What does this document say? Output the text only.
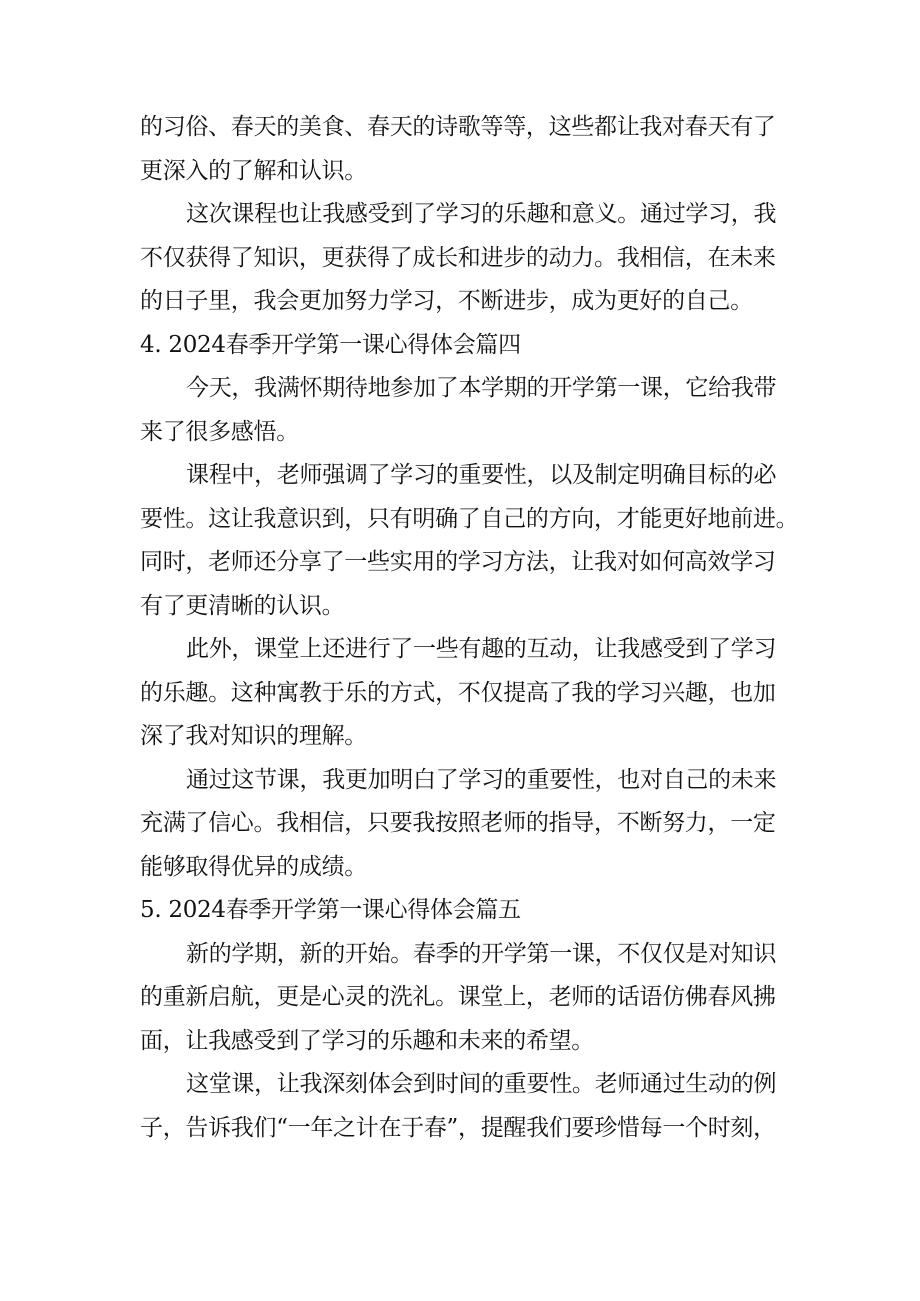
的习俗、春天的美食、春天的诗歌等等，这些都让我对春天有了
更深入的了解和认识。
这次课程也让我感受到了学习的乐趣和意义。通过学习，我
不仅获得了知识，更获得了成长和进步的动力。我相信，在未来
的日子里，我会更加努力学习，不断进步，成为更好的自己。
4. 2024春季开学第一课心得体会篇四
今天，我满怀期待地参加了本学期的开学第一课，它给我带
来了很多感悟。
课程中，老师强调了学习的重要性，以及制定明确目标的必
要性。这让我意识到，只有明确了自己的方向，才能更好地前进。
同时，老师还分享了一些实用的学习方法，让我对如何高效学习
有了更清晰的认识。
此外，课堂上还进行了一些有趣的互动，让我感受到了学习
的乐趣。这种寓教于乐的方式，不仅提高了我的学习兴趣，也加
深了我对知识的理解。
通过这节课，我更加明白了学习的重要性，也对自己的未来
充满了信心。我相信，只要我按照老师的指导，不断努力，一定
能够取得优异的成绩。
5. 2024春季开学第一课心得体会篇五
新的学期，新的开始。春季的开学第一课，不仅仅是对知识
的重新启航，更是心灵的洗礼。课堂上，老师的话语仿佛春风拂
面，让我感受到了学习的乐趣和未来的希望。
这堂课，让我深刻体会到时间的重要性。老师通过生动的例
子，告诉我们“一年之计在于春”，提醒我们要珍惜每一个时刻，
